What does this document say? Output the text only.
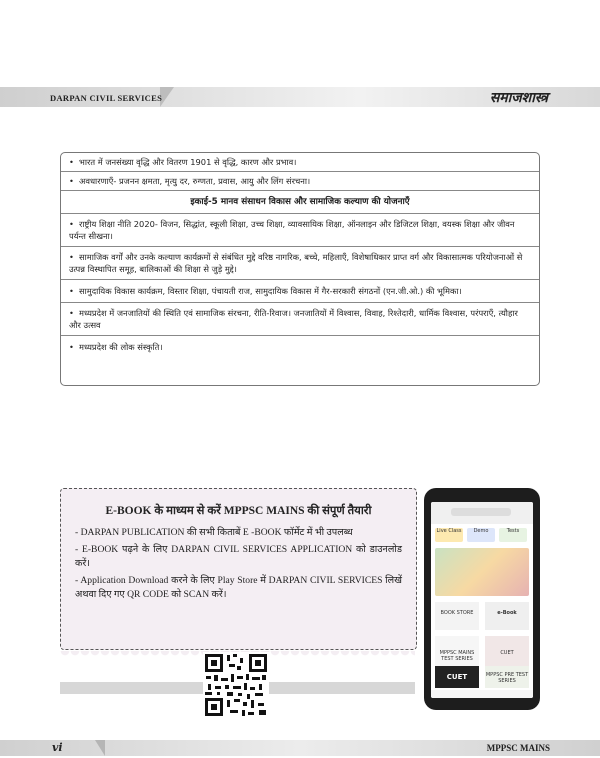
DARPAN CIVIL SERVICES	समाजशास्त्र
• भारत में जनसंख्या वृद्धि और वितरण 1901 से वृद्धि, कारण और प्रभाव।
• अवधारणाएँ- प्रजनन क्षमता, मृत्यु दर, रुग्णता, प्रवास, आयु और लिंग संरचना।
इकाई-5 मानव संसाधन विकास और सामाजिक कल्याण की योजनाएँ
• राष्ट्रीय शिक्षा नीति 2020- विजन, सिद्धांत, स्कूली शिक्षा, उच्च शिक्षा, व्यावसायिक शिक्षा, ऑनलाइन और डिजिटल शिक्षा, वयस्क शिक्षा और जीवन पर्यन्त सीखना।
• सामाजिक वर्गों और उनके कल्याण कार्यक्रमों से संबंधित मुद्दे वरिष्ठ नागरिक, बच्चे, महिलाएँ, विशेषाधिकार प्राप्त वर्ग और विकासात्मक परियोजनाओं से उत्पन्न विस्थापित समूह, बालिकाओं की शिक्षा से जुड़े मुद्दे।
• सामुदायिक विकास कार्यक्रम, विस्तार शिक्षा, पंचायती राज, सामुदायिक विकास में गैर-सरकारी संगठनों (एन.जी.ओ.) की भूमिका।
• मध्यप्रदेश में जनजातियों की स्थिति एवं सामाजिक संरचना, रीति-रिवाज। जनजातियों में विश्वास, विवाह, रिश्तेदारी, धार्मिक विश्वास, परंपराएँ, त्यौहार और उत्सव
• मध्यप्रदेश की लोक संस्कृति।
E-BOOK के माध्यम से करें MPPSC MAINS की संपूर्ण तैयारी
- DARPAN PUBLICATION की सभी किताबें E -BOOK फॉर्मेट में भी उपलब्ध
- E-BOOK पढ़ने के लिए DARPAN CIVIL SERVICES APPLICATION को डाउनलोड करें।
- Application Download करने के लिए Play Store में DARPAN CIVIL SERVICES लिखें अथवा दिए गए QR CODE को SCAN करें।
Live Class	Demo	Tests
BOOK STORE	e-Book
MPPSC MAINS TEST SERIES
CUET
MPPSC PRE TEST SERIES
CUET
vi	MPPSC MAINS
